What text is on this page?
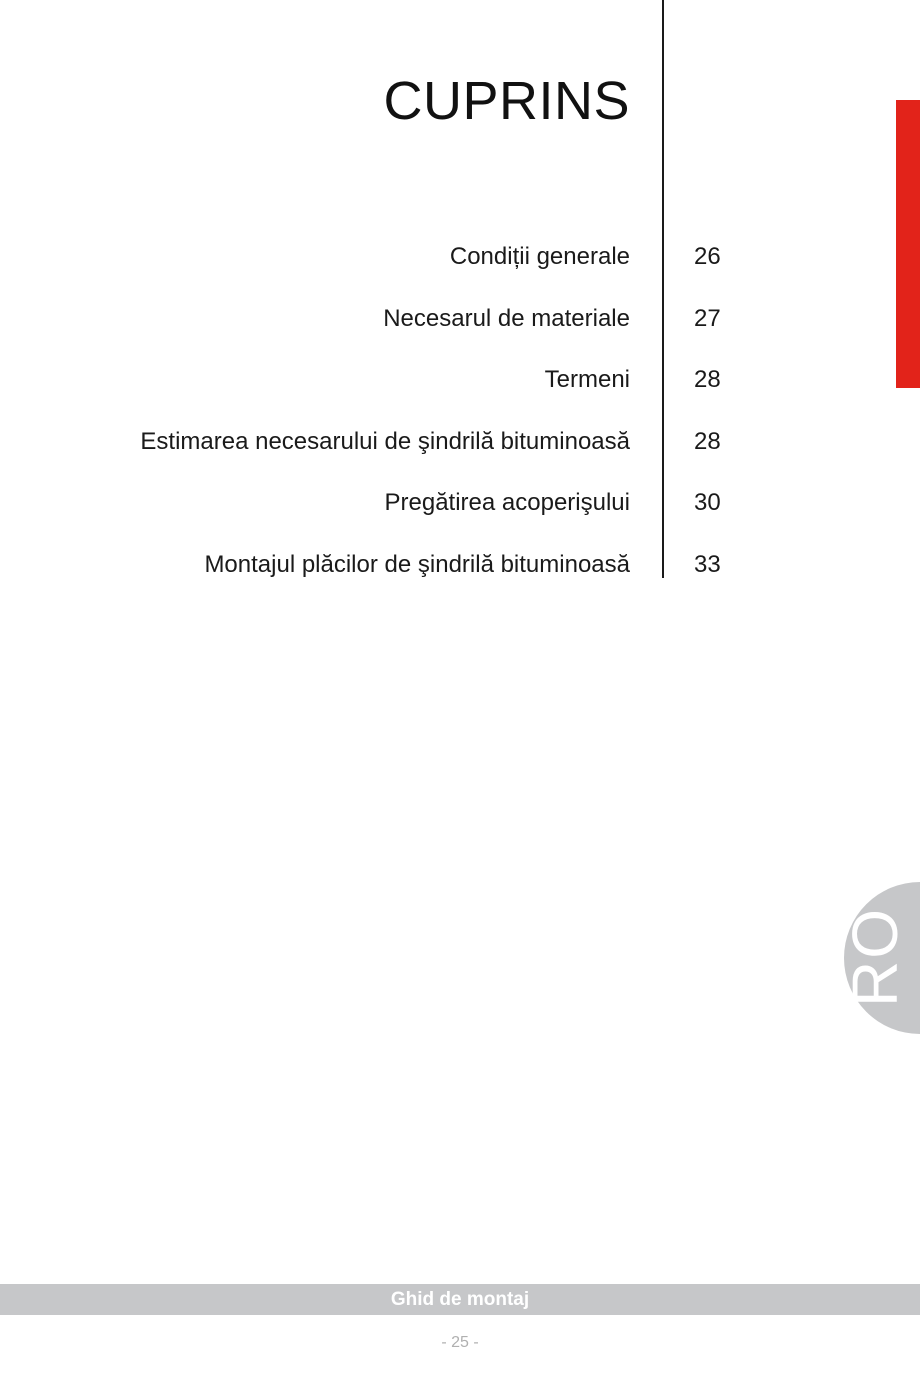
CUPRINS
Condiții generale	26
Necesarul de materiale	27
Termeni	28
Estimarea necesarului de şindrilă bituminoasă	28
Pregătirea acoperişului	30
Montajul plăcilor de şindrilă bituminoasă	33
RO
Ghid de montaj
- 25 -
